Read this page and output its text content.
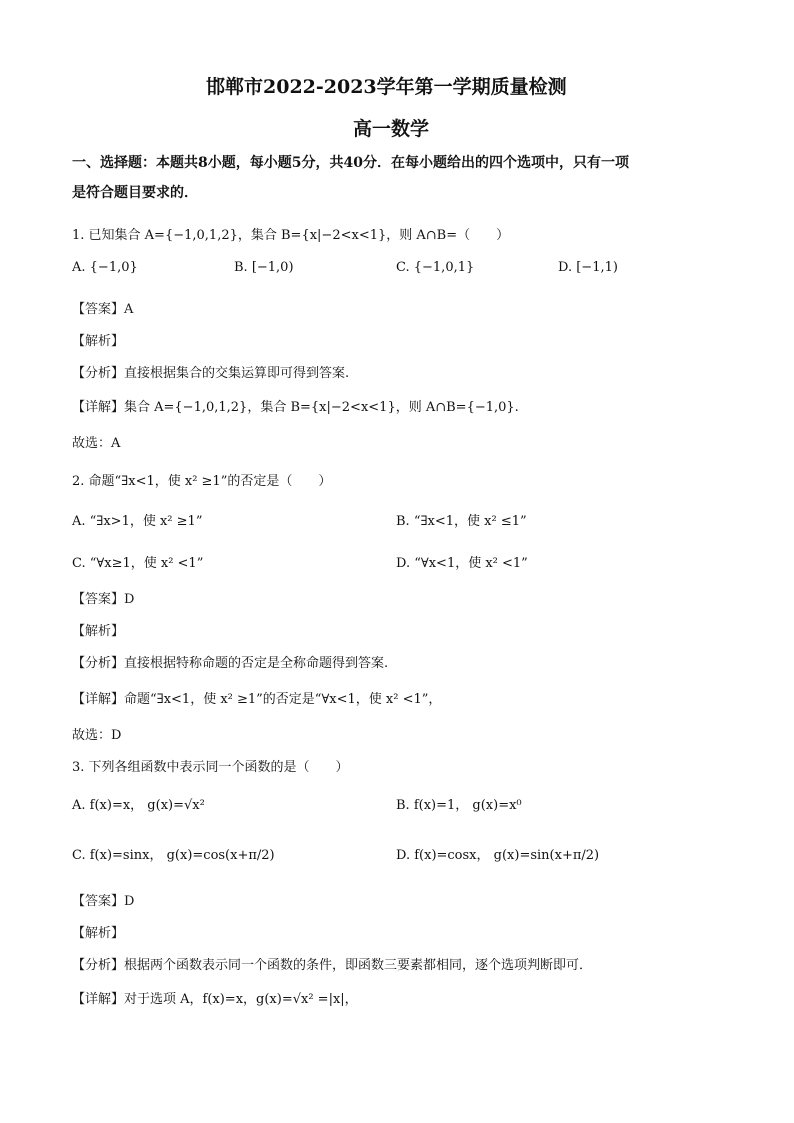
邯郸市2022-2023学年第一学期质量检测
高一数学
一、选择题：本题共8小题，每小题5分，共40分．在每小题给出的四个选项中，只有一项
是符合题目要求的．
1. 已知集合 A={−1,0,1,2}，集合 B={x|−2<x<1}，则 A∩B=（　　）
A. {−1,0}	B. [−1,0)	C. {−1,0,1}	D. [−1,1)
【答案】A
【解析】
【分析】直接根据集合的交集运算即可得到答案.
【详解】集合 A={−1,0,1,2}，集合 B={x|−2<x<1}，则 A∩B={−1,0}.
故选：A
2. 命题“∃x<1，使 x² ≥1”的否定是（　　）
A. “∃x>1，使 x² ≥1”	B. “∃x<1，使 x² ≤1”
C. “∀x≥1，使 x² <1”	D. “∀x<1，使 x² <1”
【答案】D
【解析】
【分析】直接根据特称命题的否定是全称命题得到答案.
【详解】命题“∃x<1，使 x² ≥1”的否定是“∀x<1，使 x² <1”，
故选：D
3. 下列各组函数中表示同一个函数的是（　　）
A. f(x)=x， g(x)=√x²	B. f(x)=1， g(x)=x⁰
C. f(x)=sinx， g(x)=cos(x+π/2)	D. f(x)=cosx， g(x)=sin(x+π/2)
【答案】D
【解析】
【分析】根据两个函数表示同一个函数的条件，即函数三要素都相同，逐个选项判断即可．
【详解】对于选项 A，f(x)=x，g(x)=√x² =|x|，
